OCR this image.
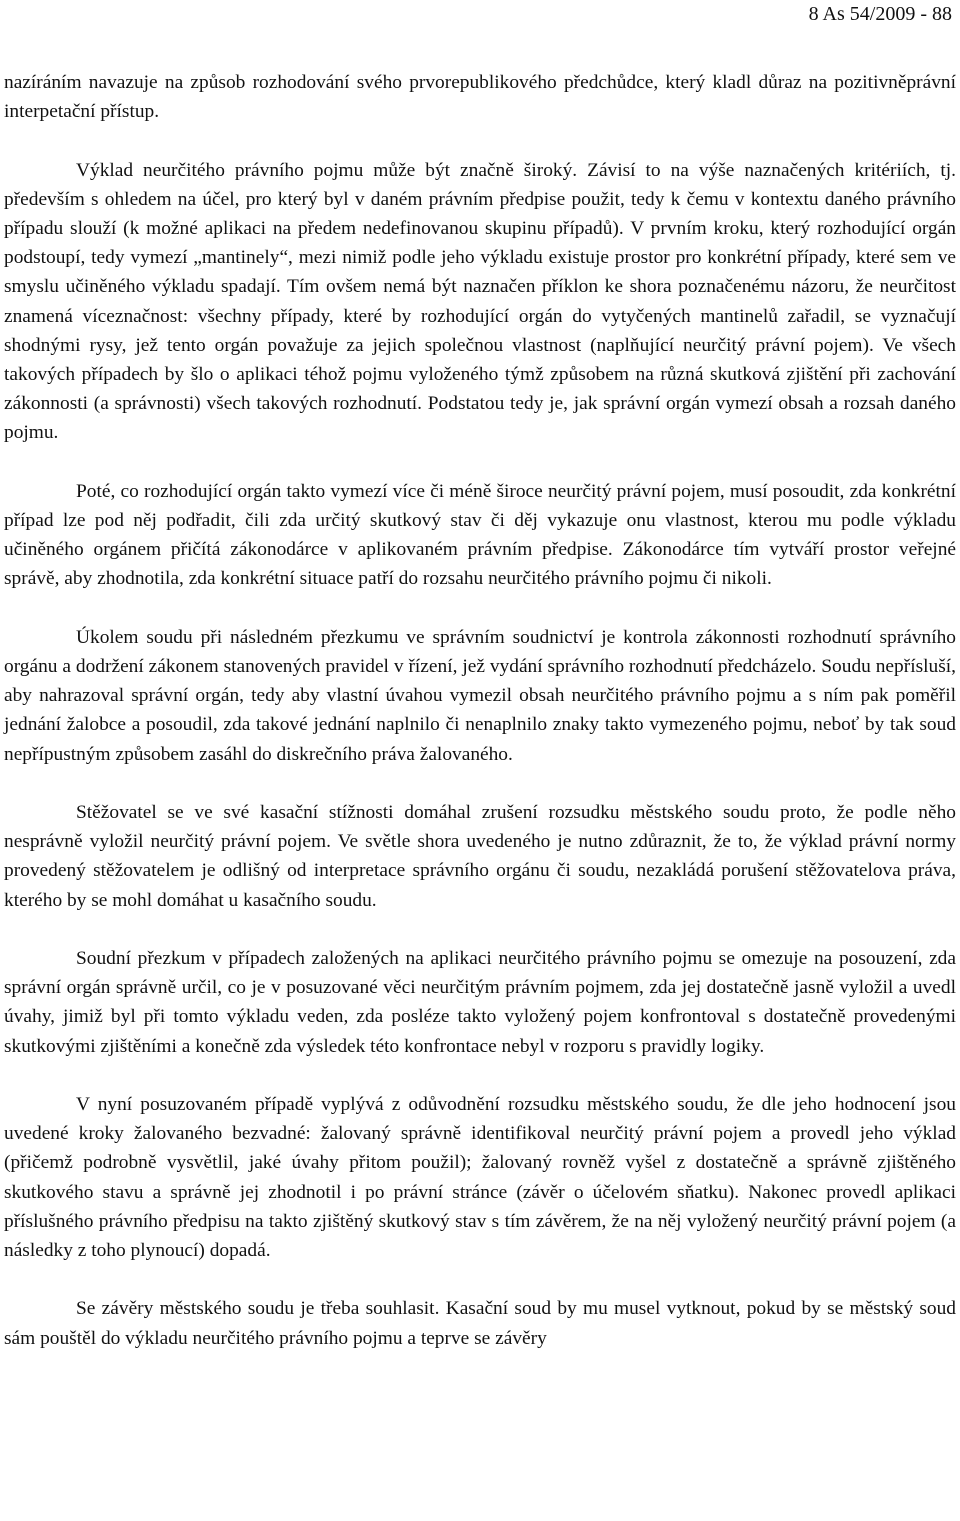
8 As 54/2009 - 88

nazíráním navazuje na způsob rozhodování svého prvorepublikového předchůdce, který kladl důraz na pozitivněprávní interpetační přístup.

Výklad neurčitého právního pojmu může být značně široký. Závisí to na výše naznačených kritériích, tj. především s ohledem na účel, pro který byl v daném právním předpise použit, tedy k čemu v kontextu daného právního případu slouží (k možné aplikaci na předem nedefinovanou skupinu případů). V prvním kroku, který rozhodující orgán podstoupí, tedy vymezí „mantinely“, mezi nimiž podle jeho výkladu existuje prostor pro konkrétní případy, které sem ve smyslu učiněného výkladu spadají. Tím ovšem nemá být naznačen příklon ke shora poznačenému názoru, že neurčitost znamená víceznačnost: všechny případy, které by rozhodující orgán do vytyčených mantinelů zařadil, se vyznačují shodnými rysy, jež tento orgán považuje za jejich společnou vlastnost (naplňující neurčitý právní pojem). Ve všech takových případech by šlo o aplikaci téhož pojmu vyloženého týmž způsobem na různá skutková zjištění při zachování zákonnosti (a správnosti) všech takových rozhodnutí. Podstatou tedy je, jak správní orgán vymezí obsah a rozsah daného pojmu.

Poté, co rozhodující orgán takto vymezí více či méně široce neurčitý právní pojem, musí posoudit, zda konkrétní případ lze pod něj podřadit, čili zda určitý skutkový stav či děj vykazuje onu vlastnost, kterou mu podle výkladu učiněného orgánem přičítá zákonodárce v aplikovaném právním předpise. Zákonodárce tím vytváří prostor veřejné správě, aby zhodnotila, zda konkrétní situace patří do rozsahu neurčitého právního pojmu či nikoli.

Úkolem soudu při následném přezkumu ve správním soudnictví je kontrola zákonnosti rozhodnutí správního orgánu a dodržení zákonem stanovených pravidel v řízení, jež vydání správního rozhodnutí předcházelo. Soudu nepřísluší, aby nahrazoval správní orgán, tedy aby vlastní úvahou vymezil obsah neurčitého právního pojmu a s ním pak poměřil jednání žalobce a posoudil, zda takové jednání naplnilo či nenaplnilo znaky takto vymezeného pojmu, neboť by tak soud nepřípustným způsobem zasáhl do diskrečního práva žalovaného.

Stěžovatel se ve své kasační stížnosti domáhal zrušení rozsudku městského soudu proto, že podle něho nesprávně vyložil neurčitý právní pojem. Ve světle shora uvedeného je nutno zdůraznit, že to, že výklad právní normy provedený stěžovatelem je odlišný od interpretace správního orgánu či soudu, nezakládá porušení stěžovatelova práva, kterého by se mohl domáhat u kasačního soudu.

Soudní přezkum v případech založených na aplikaci neurčitého právního pojmu se omezuje na posouzení, zda správní orgán správně určil, co je v posuzované věci neurčitým právním pojmem, zda jej dostatečně jasně vyložil a uvedl úvahy, jimiž byl při tomto výkladu veden, zda posléze takto vyložený pojem konfrontoval s dostatečně provedenými skutkovými zjištěními a konečně zda výsledek této konfrontace nebyl v rozporu s pravidly logiky.

V nyní posuzovaném případě vyplývá z odůvodnění rozsudku městského soudu, že dle jeho hodnocení jsou uvedené kroky žalovaného bezvadné: žalovaný správně identifikoval neurčitý právní pojem a provedl jeho výklad (přičemž podrobně vysvětlil, jaké úvahy přitom použil); žalovaný rovněž vyšel z dostatečně a správně zjištěného skutkového stavu a správně jej zhodnotil i po právní stránce (závěr o účelovém sňatku). Nakonec provedl aplikaci příslušného právního předpisu na takto zjištěný skutkový stav s tím závěrem, že na něj vyložený neurčitý právní pojem (a následky z toho plynoucí) dopadá.

Se závěry městského soudu je třeba souhlasit. Kasační soud by mu musel vytknout, pokud by se městský soud sám pouštěl do výkladu neurčitého právního pojmu a teprve se závěry
